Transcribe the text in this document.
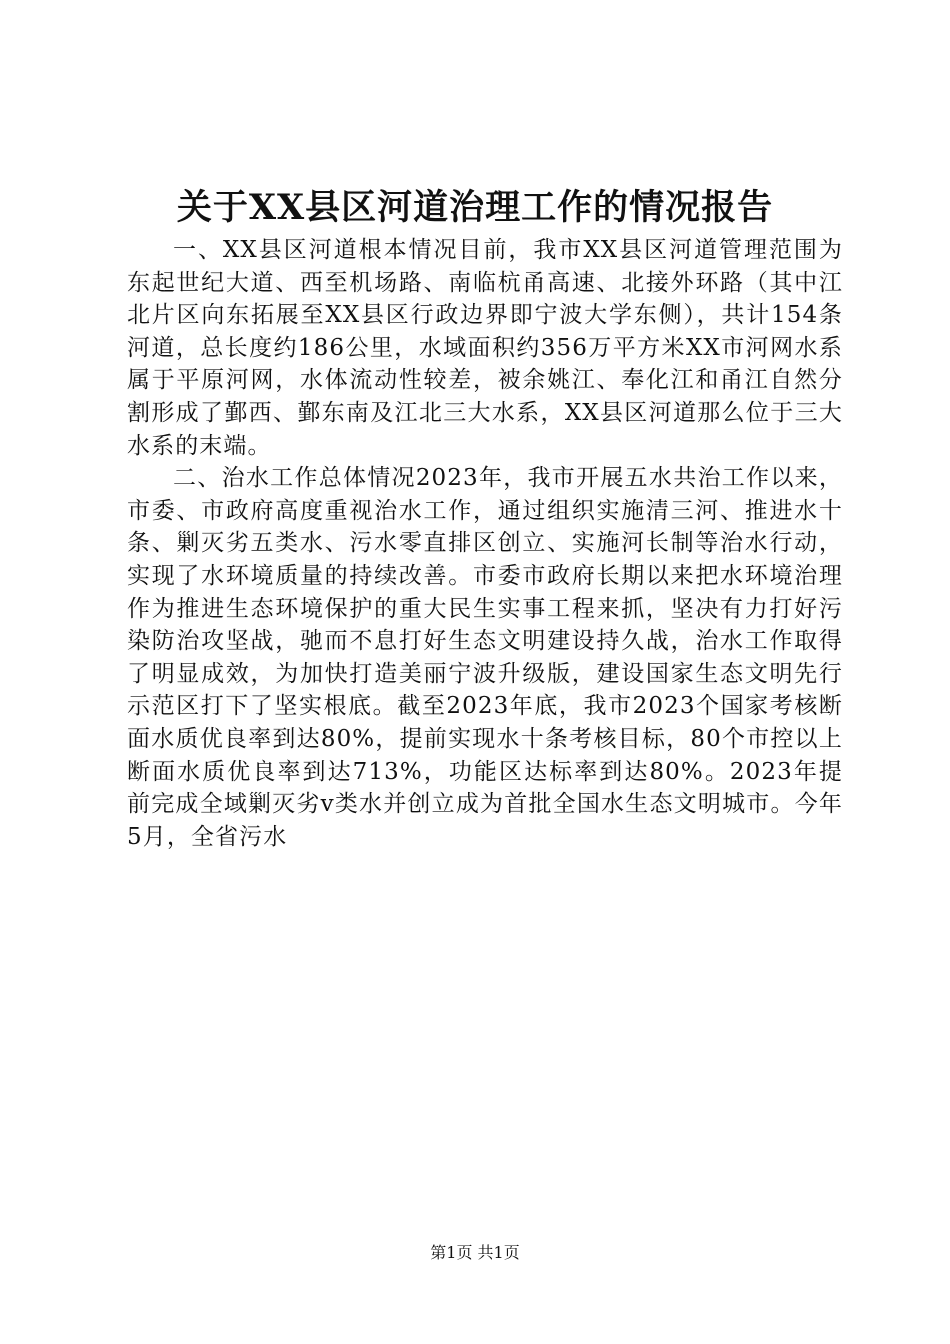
关于XX县区河道治理工作的情况报告

一、XX县区河道根本情况目前，我市XX县区河道管理范围为东起世纪大道、西至机场路、南临杭甬高速、北接外环路（其中江北片区向东拓展至XX县区行政边界即宁波大学东侧），共计154条河道，总长度约186公里，水域面积约356万平方米XX市河网水系属于平原河网，水体流动性较差，被余姚江、奉化江和甬江自然分割形成了鄞西、鄞东南及江北三大水系，XX县区河道那么位于三大水系的末端。

二、治水工作总体情况2023年，我市开展五水共治工作以来，市委、市政府高度重视治水工作，通过组织实施清三河、推进水十条、剿灭劣五类水、污水零直排区创立、实施河长制等治水行动，实现了水环境质量的持续改善。市委市政府长期以来把水环境治理作为推进生态环境保护的重大民生实事工程来抓，坚决有力打好污染防治攻坚战，驰而不息打好生态文明建设持久战，治水工作取得了明显成效，为加快打造美丽宁波升级版，建设国家生态文明先行示范区打下了坚实根底。截至2023年底，我市2023个国家考核断面水质优良率到达80%，提前实现水十条考核目标，80个市控以上断面水质优良率到达713%，功能区达标率到达80%。2023年提前完成全域剿灭劣v类水并创立成为首批全国水生态文明城市。今年5月，全省污水

第1页 共1页
